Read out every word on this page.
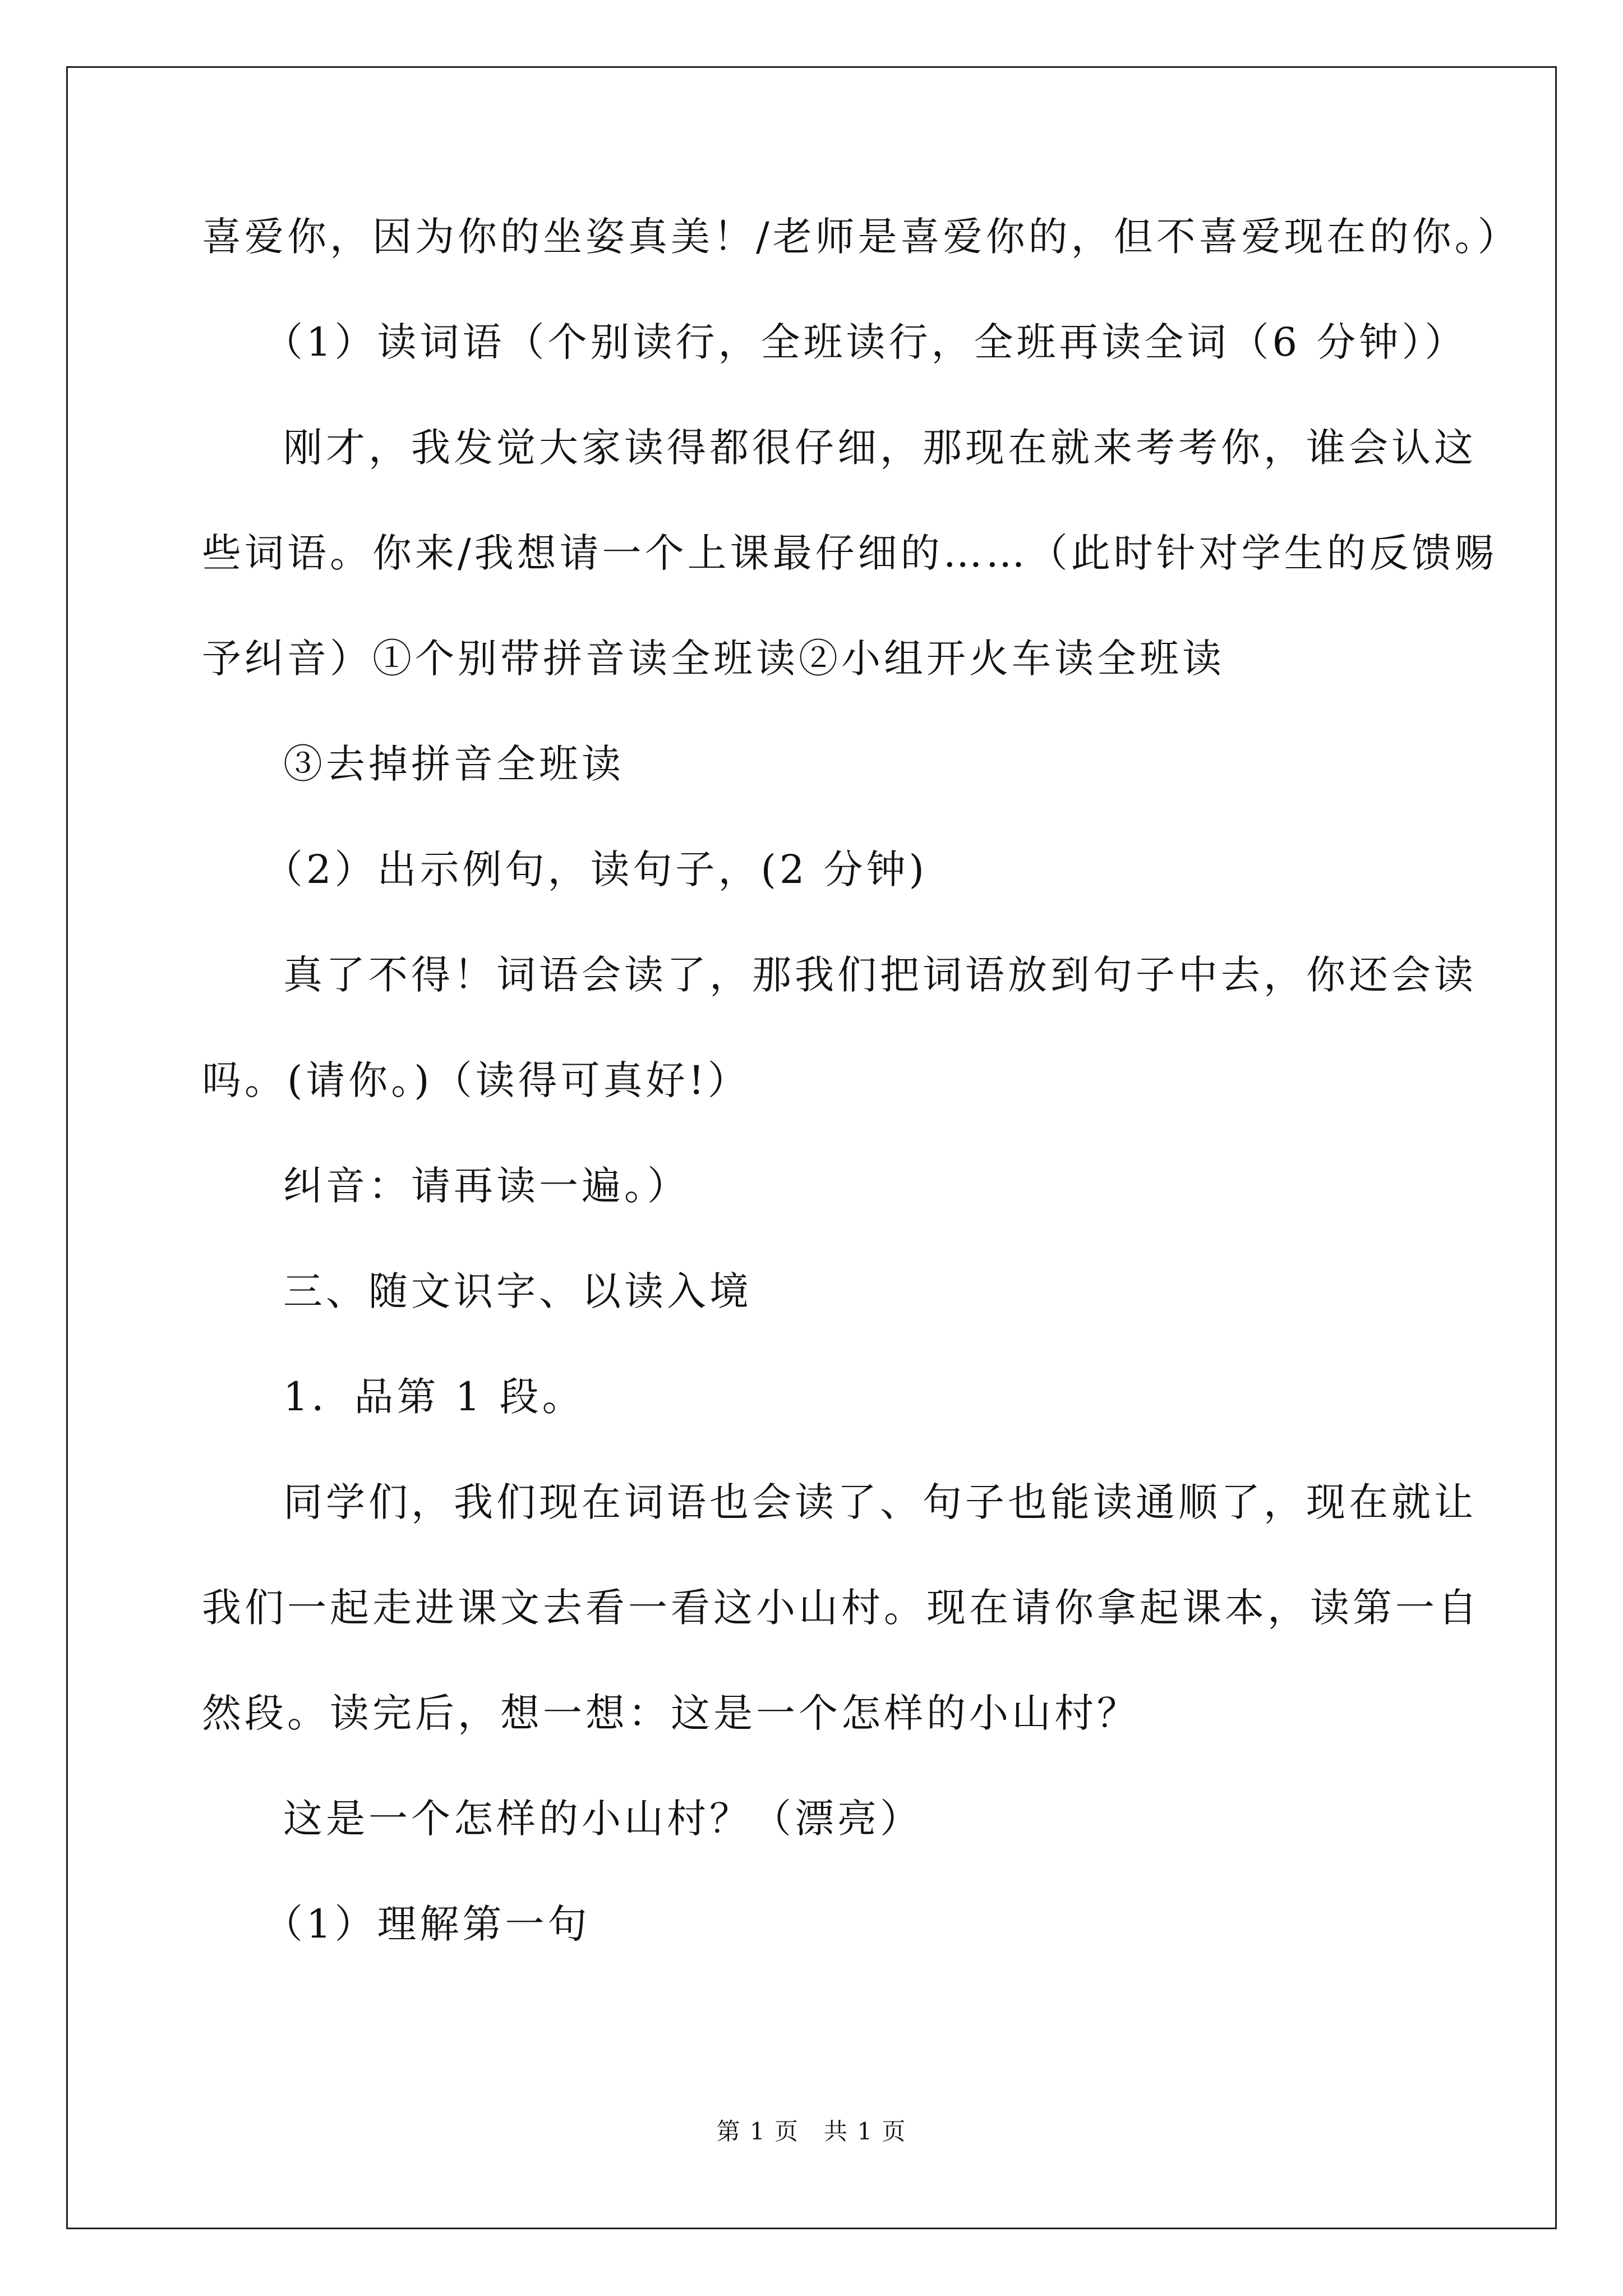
喜爱你，因为你的坐姿真美！/老师是喜爱你的，但不喜爱现在的你。）
（1）读词语（个别读行，全班读行，全班再读全词（6 分钟））
刚才，我发觉大家读得都很仔细，那现在就来考考你，谁会认这
些词语。你来/我想请一个上课最仔细的……（此时针对学生的反馈赐
予纠音）①个别带拼音读全班读②小组开火车读全班读
③去掉拼音全班读
（2）出示例句，读句子，(2 分钟)
真了不得！词语会读了，那我们把词语放到句子中去，你还会读
吗。(请你。)（读得可真好!）
纠音：请再读一遍。）
三、随文识字、以读入境
1．品第 1 段。
同学们，我们现在词语也会读了、句子也能读通顺了，现在就让
我们一起走进课文去看一看这小山村。现在请你拿起课本，读第一自
然段。读完后，想一想：这是一个怎样的小山村？
这是一个怎样的小山村？（漂亮）
（1）理解第一句
第 1 页　共 1 页
